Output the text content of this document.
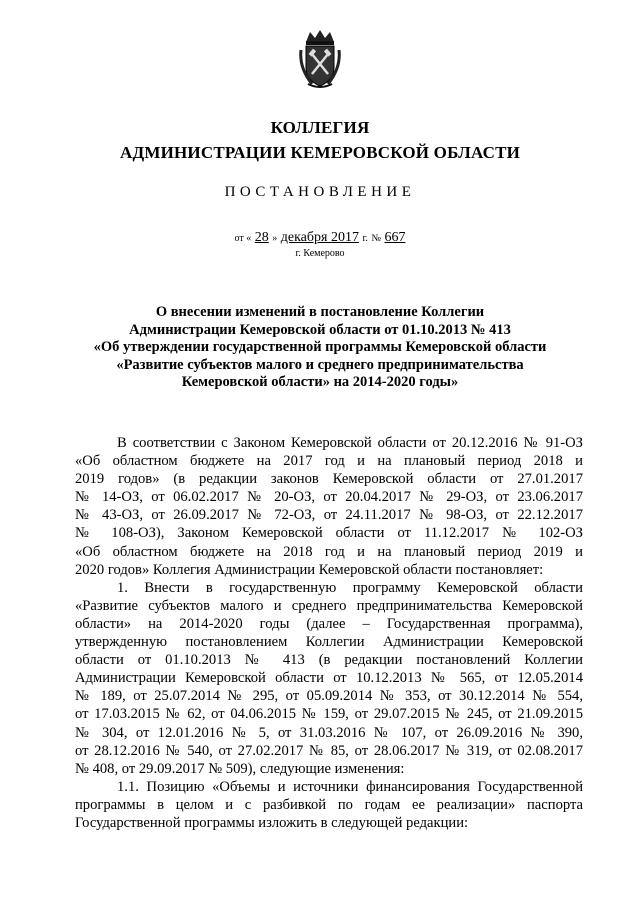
КОЛЛЕГИЯ
АДМИНИСТРАЦИИ КЕМЕРОВСКОЙ ОБЛАСТИ
ПОСТАНОВЛЕНИЕ
от « 28 » декабря 2017 г. № 667
г. Кемерово
О внесении изменений в постановление Коллегии
Администрации Кемеровской области от 01.10.2013 № 413
«Об утверждении государственной программы Кемеровской области
«Развитие субъектов малого и среднего предпринимательства
Кемеровской области» на 2014-2020 годы»
В соответствии с Законом Кемеровской области от 20.12.2016 № 91-ОЗ
«Об областном бюджете на 2017 год и на плановый период 2018 и
2019 годов» (в редакции законов Кемеровской области от 27.01.2017
№ 14-ОЗ, от 06.02.2017 № 20-ОЗ, от 20.04.2017 № 29-ОЗ, от 23.06.2017
№ 43-ОЗ, от 26.09.2017 № 72-ОЗ, от 24.11.2017 № 98-ОЗ, от 22.12.2017
№ 108-ОЗ), Законом Кемеровской области от 11.12.2017 № 102-ОЗ
«Об областном бюджете на 2018 год и на плановый период 2019 и
2020 годов» Коллегия Администрации Кемеровской области постановляет:
1. Внести в государственную программу Кемеровской области
«Развитие субъектов малого и среднего предпринимательства Кемеровской
области» на 2014-2020 годы (далее – Государственная программа),
утвержденную постановлением Коллегии Администрации Кемеровской
области от 01.10.2013 № 413 (в редакции постановлений Коллегии
Администрации Кемеровской области от 10.12.2013 № 565, от 12.05.2014
№ 189, от 25.07.2014 № 295, от 05.09.2014 № 353, от 30.12.2014 № 554,
от 17.03.2015 № 62, от 04.06.2015 № 159, от 29.07.2015 № 245, от 21.09.2015
№ 304, от 12.01.2016 № 5, от 31.03.2016 № 107, от 26.09.2016 № 390,
от 28.12.2016 № 540, от 27.02.2017 № 85, от 28.06.2017 № 319, от 02.08.2017
№ 408, от 29.09.2017 № 509), следующие изменения:
1.1. Позицию «Объемы и источники финансирования Государственной
программы в целом и с разбивкой по годам ее реализации» паспорта
Государственной программы изложить в следующей редакции:
